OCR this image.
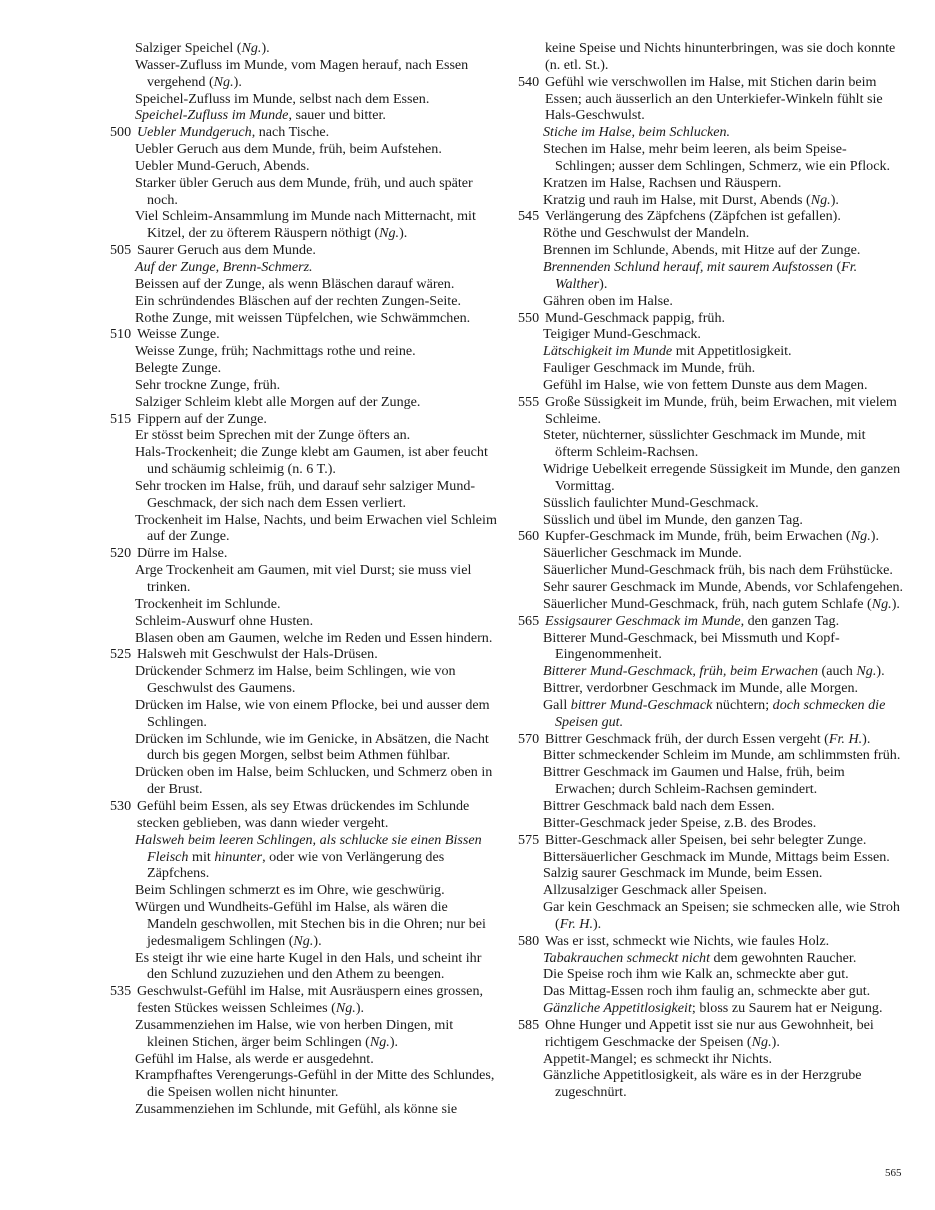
Salziger Speichel (Ng.).
Wasser-Zufluss im Munde, vom Magen herauf, nach Essen vergehend (Ng.).
Speichel-Zufluss im Munde, selbst nach dem Essen.
Speichel-Zufluss im Munde, sauer und bitter.
500 Uebler Mundgeruch, nach Tische.
Uebler Geruch aus dem Munde, früh, beim Aufstehen.
Uebler Mund-Geruch, Abends.
Starker übler Geruch aus dem Munde, früh, und auch später noch.
Viel Schleim-Ansammlung im Munde nach Mitternacht, mit Kitzel, der zu öfterem Räuspern nöthigt (Ng.).
505 Saurer Geruch aus dem Munde.
Auf der Zunge, Brenn-Schmerz.
Beissen auf der Zunge, als wenn Bläschen darauf wären.
Ein schründendes Bläschen auf der rechten Zungen-Seite.
Rothe Zunge, mit weissen Tüpfelchen, wie Schwämmchen.
510 Weisse Zunge.
Weisse Zunge, früh; Nachmittags rothe und reine.
Belegte Zunge.
Sehr trockne Zunge, früh.
Salziger Schleim klebt alle Morgen auf der Zunge.
515 Fippern auf der Zunge.
Er stösst beim Sprechen mit der Zunge öfters an.
Hals-Trockenheit; die Zunge klebt am Gaumen, ist aber feucht und schäumig schleimig (n. 6 T.).
Sehr trocken im Halse, früh, und darauf sehr salziger Mund-Geschmack, der sich nach dem Essen verliert.
Trockenheit im Halse, Nachts, und beim Erwachen viel Schleim auf der Zunge.
520 Dürre im Halse.
Arge Trockenheit am Gaumen, mit viel Durst; sie muss viel trinken.
Trockenheit im Schlunde.
Schleim-Auswurf ohne Husten.
Blasen oben am Gaumen, welche im Reden und Essen hindern.
525 Halsweh mit Geschwulst der Hals-Drüsen.
Drückender Schmerz im Halse, beim Schlingen, wie von Geschwulst des Gaumens.
Drücken im Halse, wie von einem Pflocke, bei und ausser dem Schlingen.
Drücken im Schlunde, wie im Genicke, in Absätzen, die Nacht durch bis gegen Morgen, selbst beim Athmen fühlbar.
Drücken oben im Halse, beim Schlucken, und Schmerz oben in der Brust.
530 Gefühl beim Essen, als sey Etwas drückendes im Schlunde stecken geblieben, was dann wieder vergeht.
Halsweh beim leeren Schlingen, als schlucke sie einen Bissen Fleisch mit hinunter, oder wie von Verlängerung des Zäpfchens.
Beim Schlingen schmerzt es im Ohre, wie geschwürig.
Würgen und Wundheits-Gefühl im Halse, als wären die Mandeln geschwollen, mit Stechen bis in die Ohren; nur bei jedesmaligem Schlingen (Ng.).
Es steigt ihr wie eine harte Kugel in den Hals, und scheint ihr den Schlund zuzuziehen und den Athem zu beengen.
535 Geschwulst-Gefühl im Halse, mit Ausräuspern eines grossen, festen Stückes weissen Schleimes (Ng.).
Zusammenziehen im Halse, wie von herben Dingen, mit kleinen Stichen, ärger beim Schlingen (Ng.).
Gefühl im Halse, als werde er ausgedehnt.
Krampfhaftes Verengerungs-Gefühl in der Mitte des Schlundes, die Speisen wollen nicht hinunter.
Zusammenziehen im Schlunde, mit Gefühl, als könne sie
keine Speise und Nichts hinunterbringen, was sie doch konnte (n. etl. St.).
540 Gefühl wie verschwollen im Halse, mit Stichen darin beim Essen; auch äusserlich an den Unterkiefer-Winkeln fühlt sie Hals-Geschwulst.
Stiche im Halse, beim Schlucken.
Stechen im Halse, mehr beim leeren, als beim Speise-Schlingen; ausser dem Schlingen, Schmerz, wie ein Pflock.
Kratzen im Halse, Rachsen und Räuspern.
Kratzig und rauh im Halse, mit Durst, Abends (Ng.).
545 Verlängerung des Zäpfchens (Zäpfchen ist gefallen).
Röthe und Geschwulst der Mandeln.
Brennen im Schlunde, Abends, mit Hitze auf der Zunge.
Brennenden Schlund herauf, mit saurem Aufstossen (Fr. Walther).
Gähren oben im Halse.
550 Mund-Geschmack pappig, früh.
Teigiger Mund-Geschmack.
Lätschigkeit im Munde mit Appetitlosigkeit.
Fauliger Geschmack im Munde, früh.
Gefühl im Halse, wie von fettem Dunste aus dem Magen.
555 Große Süssigkeit im Munde, früh, beim Erwachen, mit vielem Schleime.
Steter, nüchterner, süsslichter Geschmack im Munde, mit öfterm Schleim-Rachsen.
Widrige Uebelkeit erregende Süssigkeit im Munde, den ganzen Vormittag.
Süsslich faulichter Mund-Geschmack.
Süsslich und übel im Munde, den ganzen Tag.
560 Kupfer-Geschmack im Munde, früh, beim Erwachen (Ng.).
Säuerlicher Geschmack im Munde.
Säuerlicher Mund-Geschmack früh, bis nach dem Frühstücke.
Sehr saurer Geschmack im Munde, Abends, vor Schlafengehen.
Säuerlicher Mund-Geschmack, früh, nach gutem Schlafe (Ng.).
565 Essigsaurer Geschmack im Munde, den ganzen Tag.
Bitterer Mund-Geschmack, bei Missmuth und Kopf-Eingenommenheit.
Bitterer Mund-Geschmack, früh, beim Erwachen (auch Ng.).
Bittrer, verdorbner Geschmack im Munde, alle Morgen.
Gall bittrer Mund-Geschmack nüchtern; doch schmecken die Speisen gut.
570 Bittrer Geschmack früh, der durch Essen vergeht (Fr. H.).
Bitter schmeckender Schleim im Munde, am schlimmsten früh.
Bittrer Geschmack im Gaumen und Halse, früh, beim Erwachen; durch Schleim-Rachsen gemindert.
Bittrer Geschmack bald nach dem Essen.
Bitter-Geschmack jeder Speise, z.B. des Brodes.
575 Bitter-Geschmack aller Speisen, bei sehr belegter Zunge.
Bittersäuerlicher Geschmack im Munde, Mittags beim Essen.
Salzig saurer Geschmack im Munde, beim Essen.
Allzusalziger Geschmack aller Speisen.
Gar kein Geschmack an Speisen; sie schmecken alle, wie Stroh (Fr. H.).
580 Was er isst, schmeckt wie Nichts, wie faules Holz.
Tabakrauchen schmeckt nicht dem gewohnten Raucher.
Die Speise roch ihm wie Kalk an, schmeckte aber gut.
Das Mittag-Essen roch ihm faulig an, schmeckte aber gut.
Gänzliche Appetitlosigkeit; bloss zu Saurem hat er Neigung.
585 Ohne Hunger und Appetit isst sie nur aus Gewohnheit, bei richtigem Geschmacke der Speisen (Ng.).
Appetit-Mangel; es schmeckt ihr Nichts.
Gänzliche Appetitlosigkeit, als wäre es in der Herzgrube zugeschnürt.
565
